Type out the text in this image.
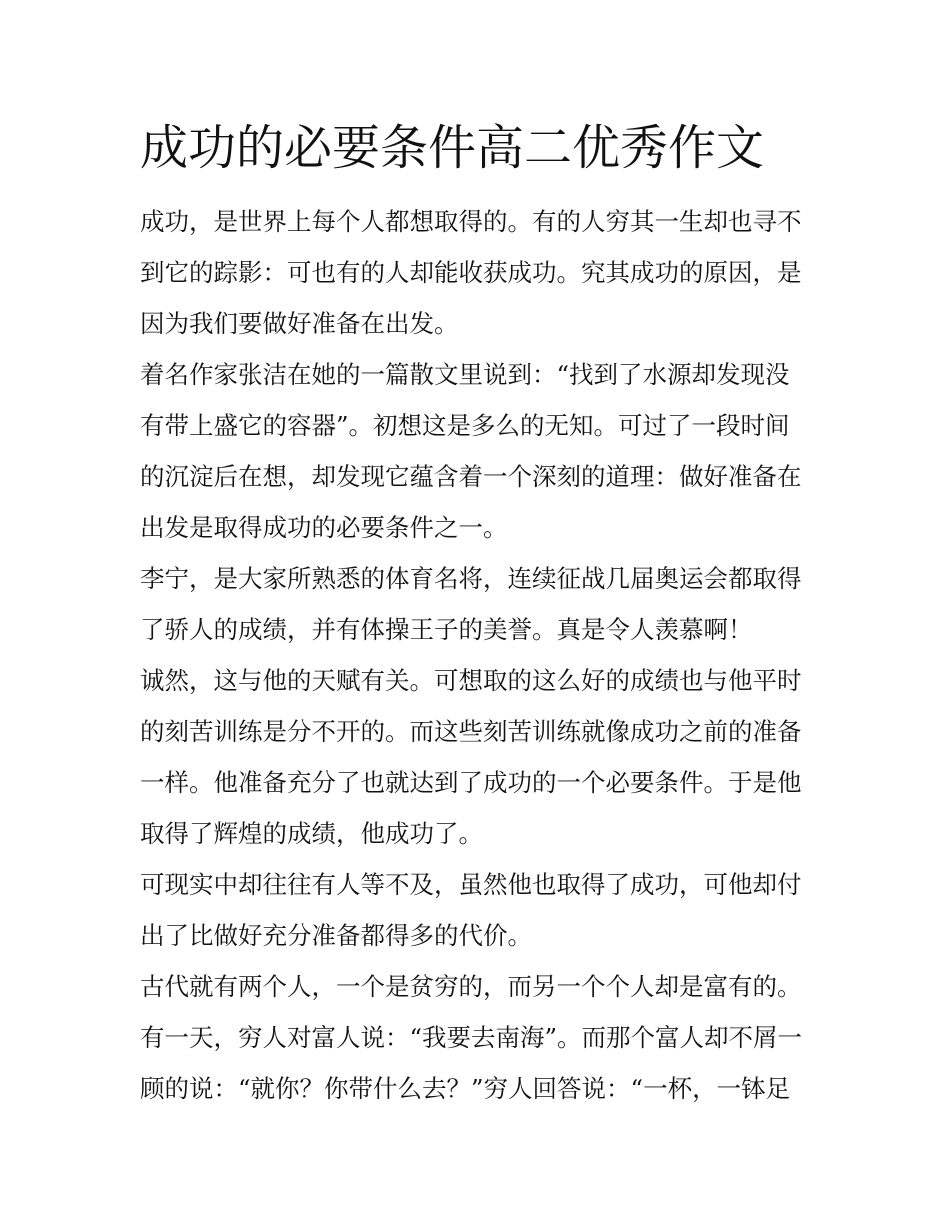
成功的必要条件高二优秀作文
成功，是世界上每个人都想取得的。有的人穷其一生却也寻不
到它的踪影：可也有的人却能收获成功。究其成功的原因，是
因为我们要做好准备在出发。
着名作家张洁在她的一篇散文里说到：“找到了水源却发现没
有带上盛它的容器”。初想这是多么的无知。可过了一段时间
的沉淀后在想，却发现它蕴含着一个深刻的道理：做好准备在
出发是取得成功的必要条件之一。
李宁，是大家所熟悉的体育名将，连续征战几届奥运会都取得
了骄人的成绩，并有体操王子的美誉。真是令人羡慕啊！
诚然，这与他的天赋有关。可想取的这么好的成绩也与他平时
的刻苦训练是分不开的。而这些刻苦训练就像成功之前的准备
一样。他准备充分了也就达到了成功的一个必要条件。于是他
取得了辉煌的成绩，他成功了。
可现实中却往往有人等不及，虽然他也取得了成功，可他却付
出了比做好充分准备都得多的代价。
古代就有两个人，一个是贫穷的，而另一个个人却是富有的。
有一天，穷人对富人说：“我要去南海”。而那个富人却不屑一
顾的说：“就你？你带什么去？”穷人回答说：“一杯，一钵足
